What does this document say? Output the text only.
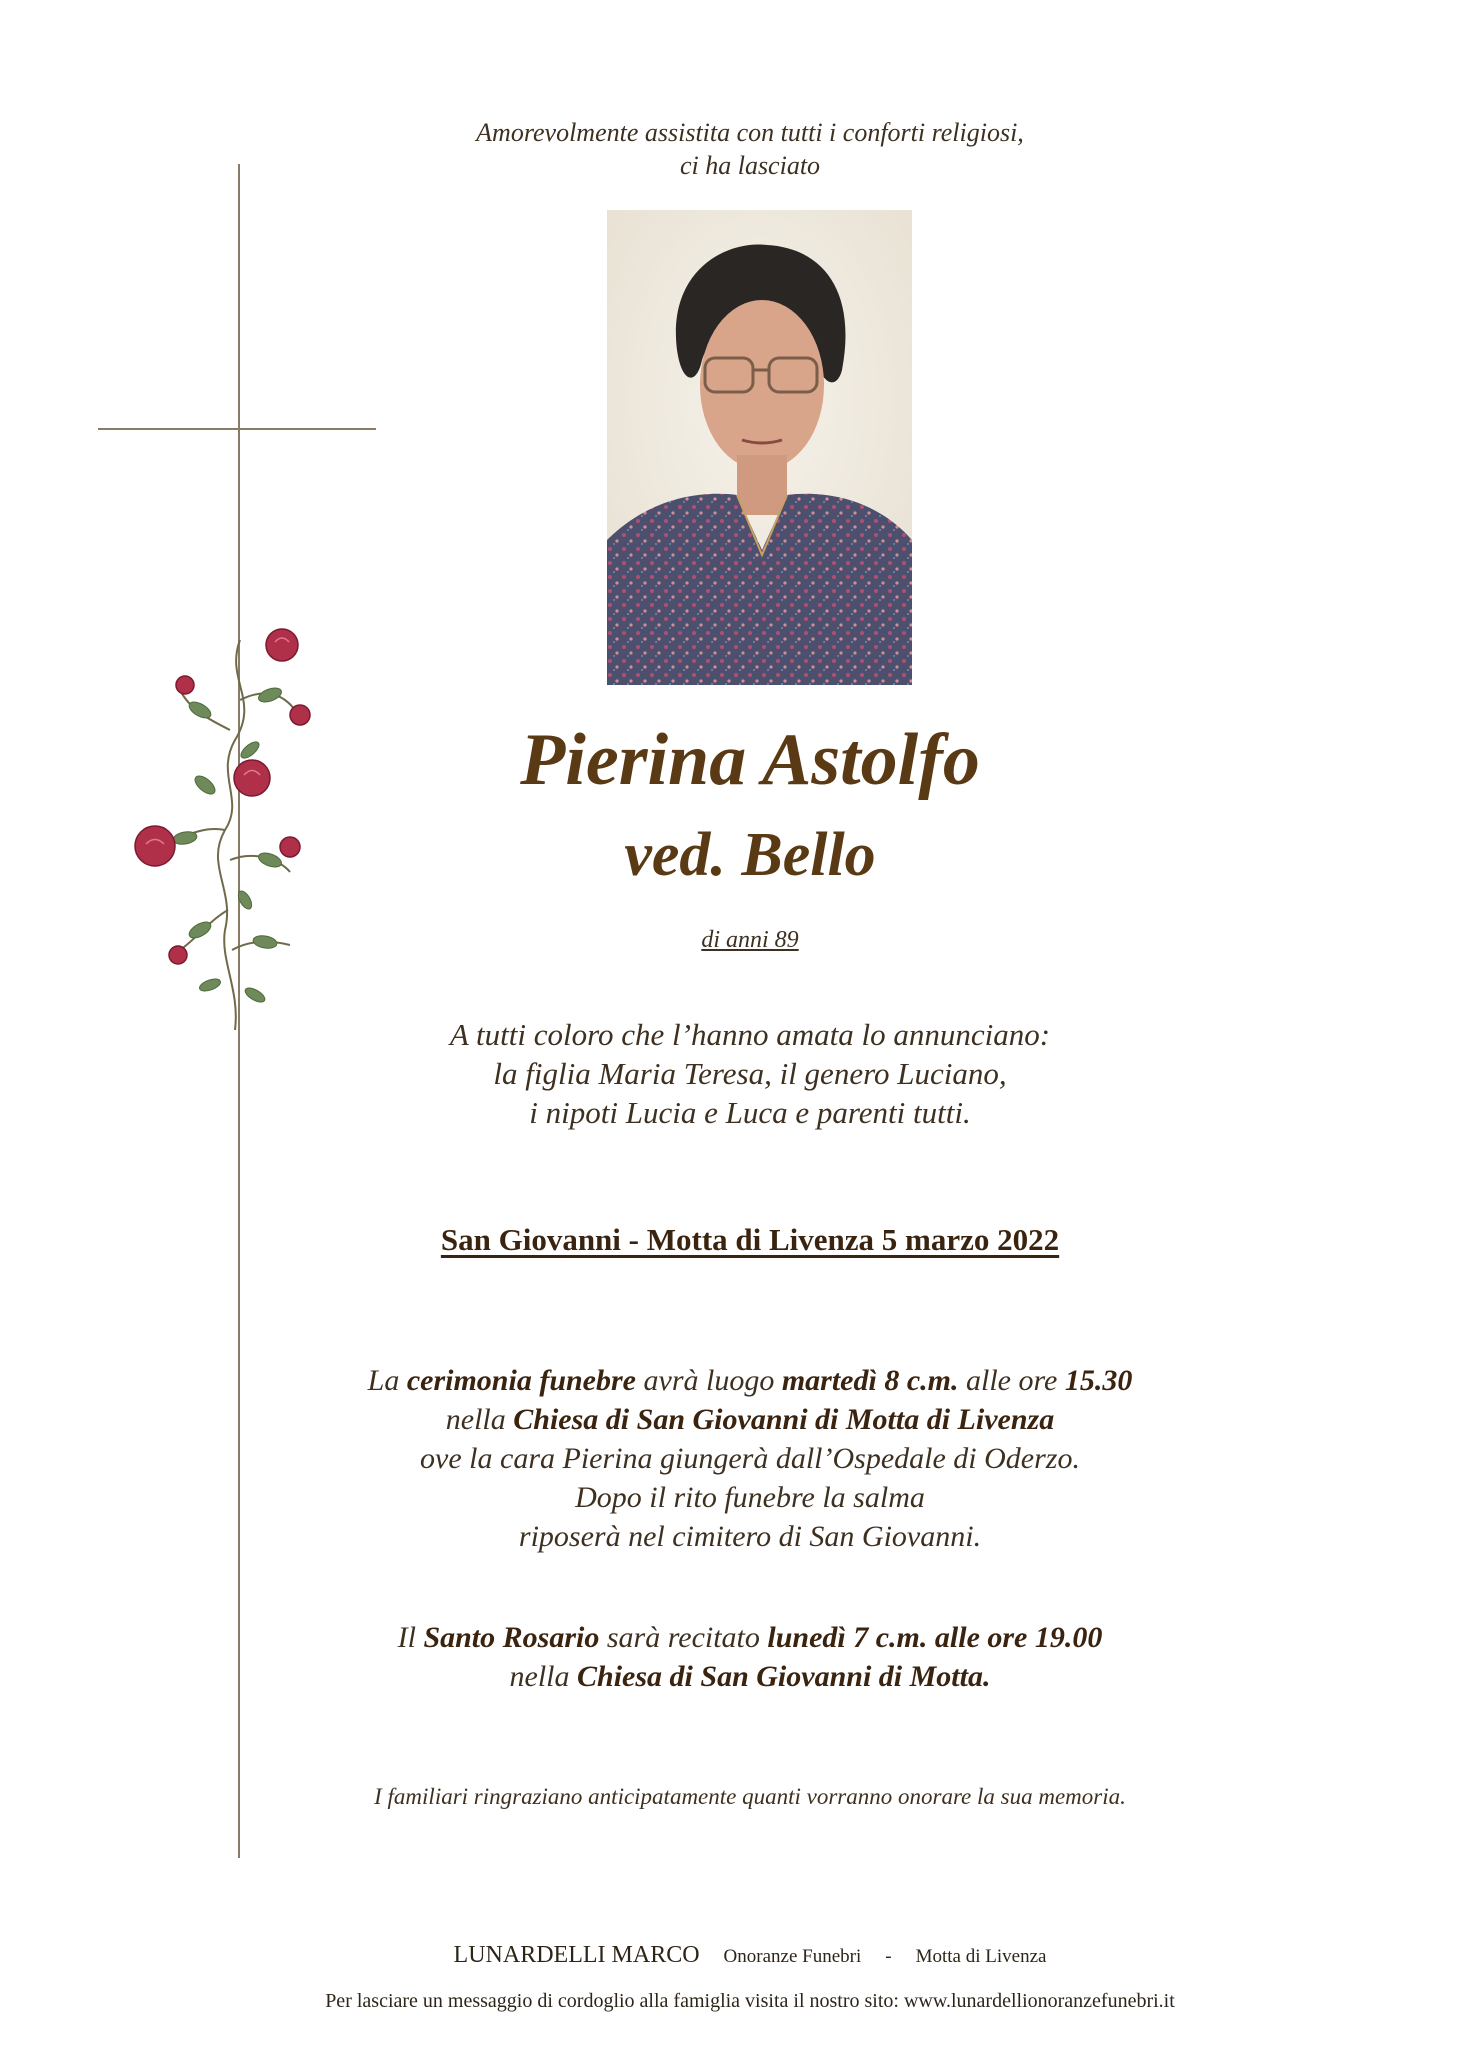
Amorevolmente assistita con tutti i conforti religiosi,
ci ha lasciato
Pierina Astolfo
ved. Bello
di anni 89
A tutti coloro che l’hanno amata lo annunciano:
la figlia Maria Teresa, il genero Luciano,
i nipoti Lucia e Luca e parenti tutti.
San Giovanni - Motta di Livenza 5 marzo 2022
La cerimonia funebre avrà luogo martedì 8 c.m. alle ore 15.30
nella Chiesa di San Giovanni di Motta di Livenza
ove la cara Pierina giungerà dall’Ospedale di Oderzo.
Dopo il rito funebre la salma
riposerà nel cimitero di San Giovanni.
Il Santo Rosario sarà recitato lunedì 7 c.m. alle ore 19.00
nella Chiesa di San Giovanni di Motta.
I familiari ringraziano anticipatamente quanti vorranno onorare la sua memoria.
LUNARDELLI MARCO Onoranze Funebri - Motta di Livenza
Per lasciare un messaggio di cordoglio alla famiglia visita il nostro sito: www.lunardellionoranzefunebri.it
